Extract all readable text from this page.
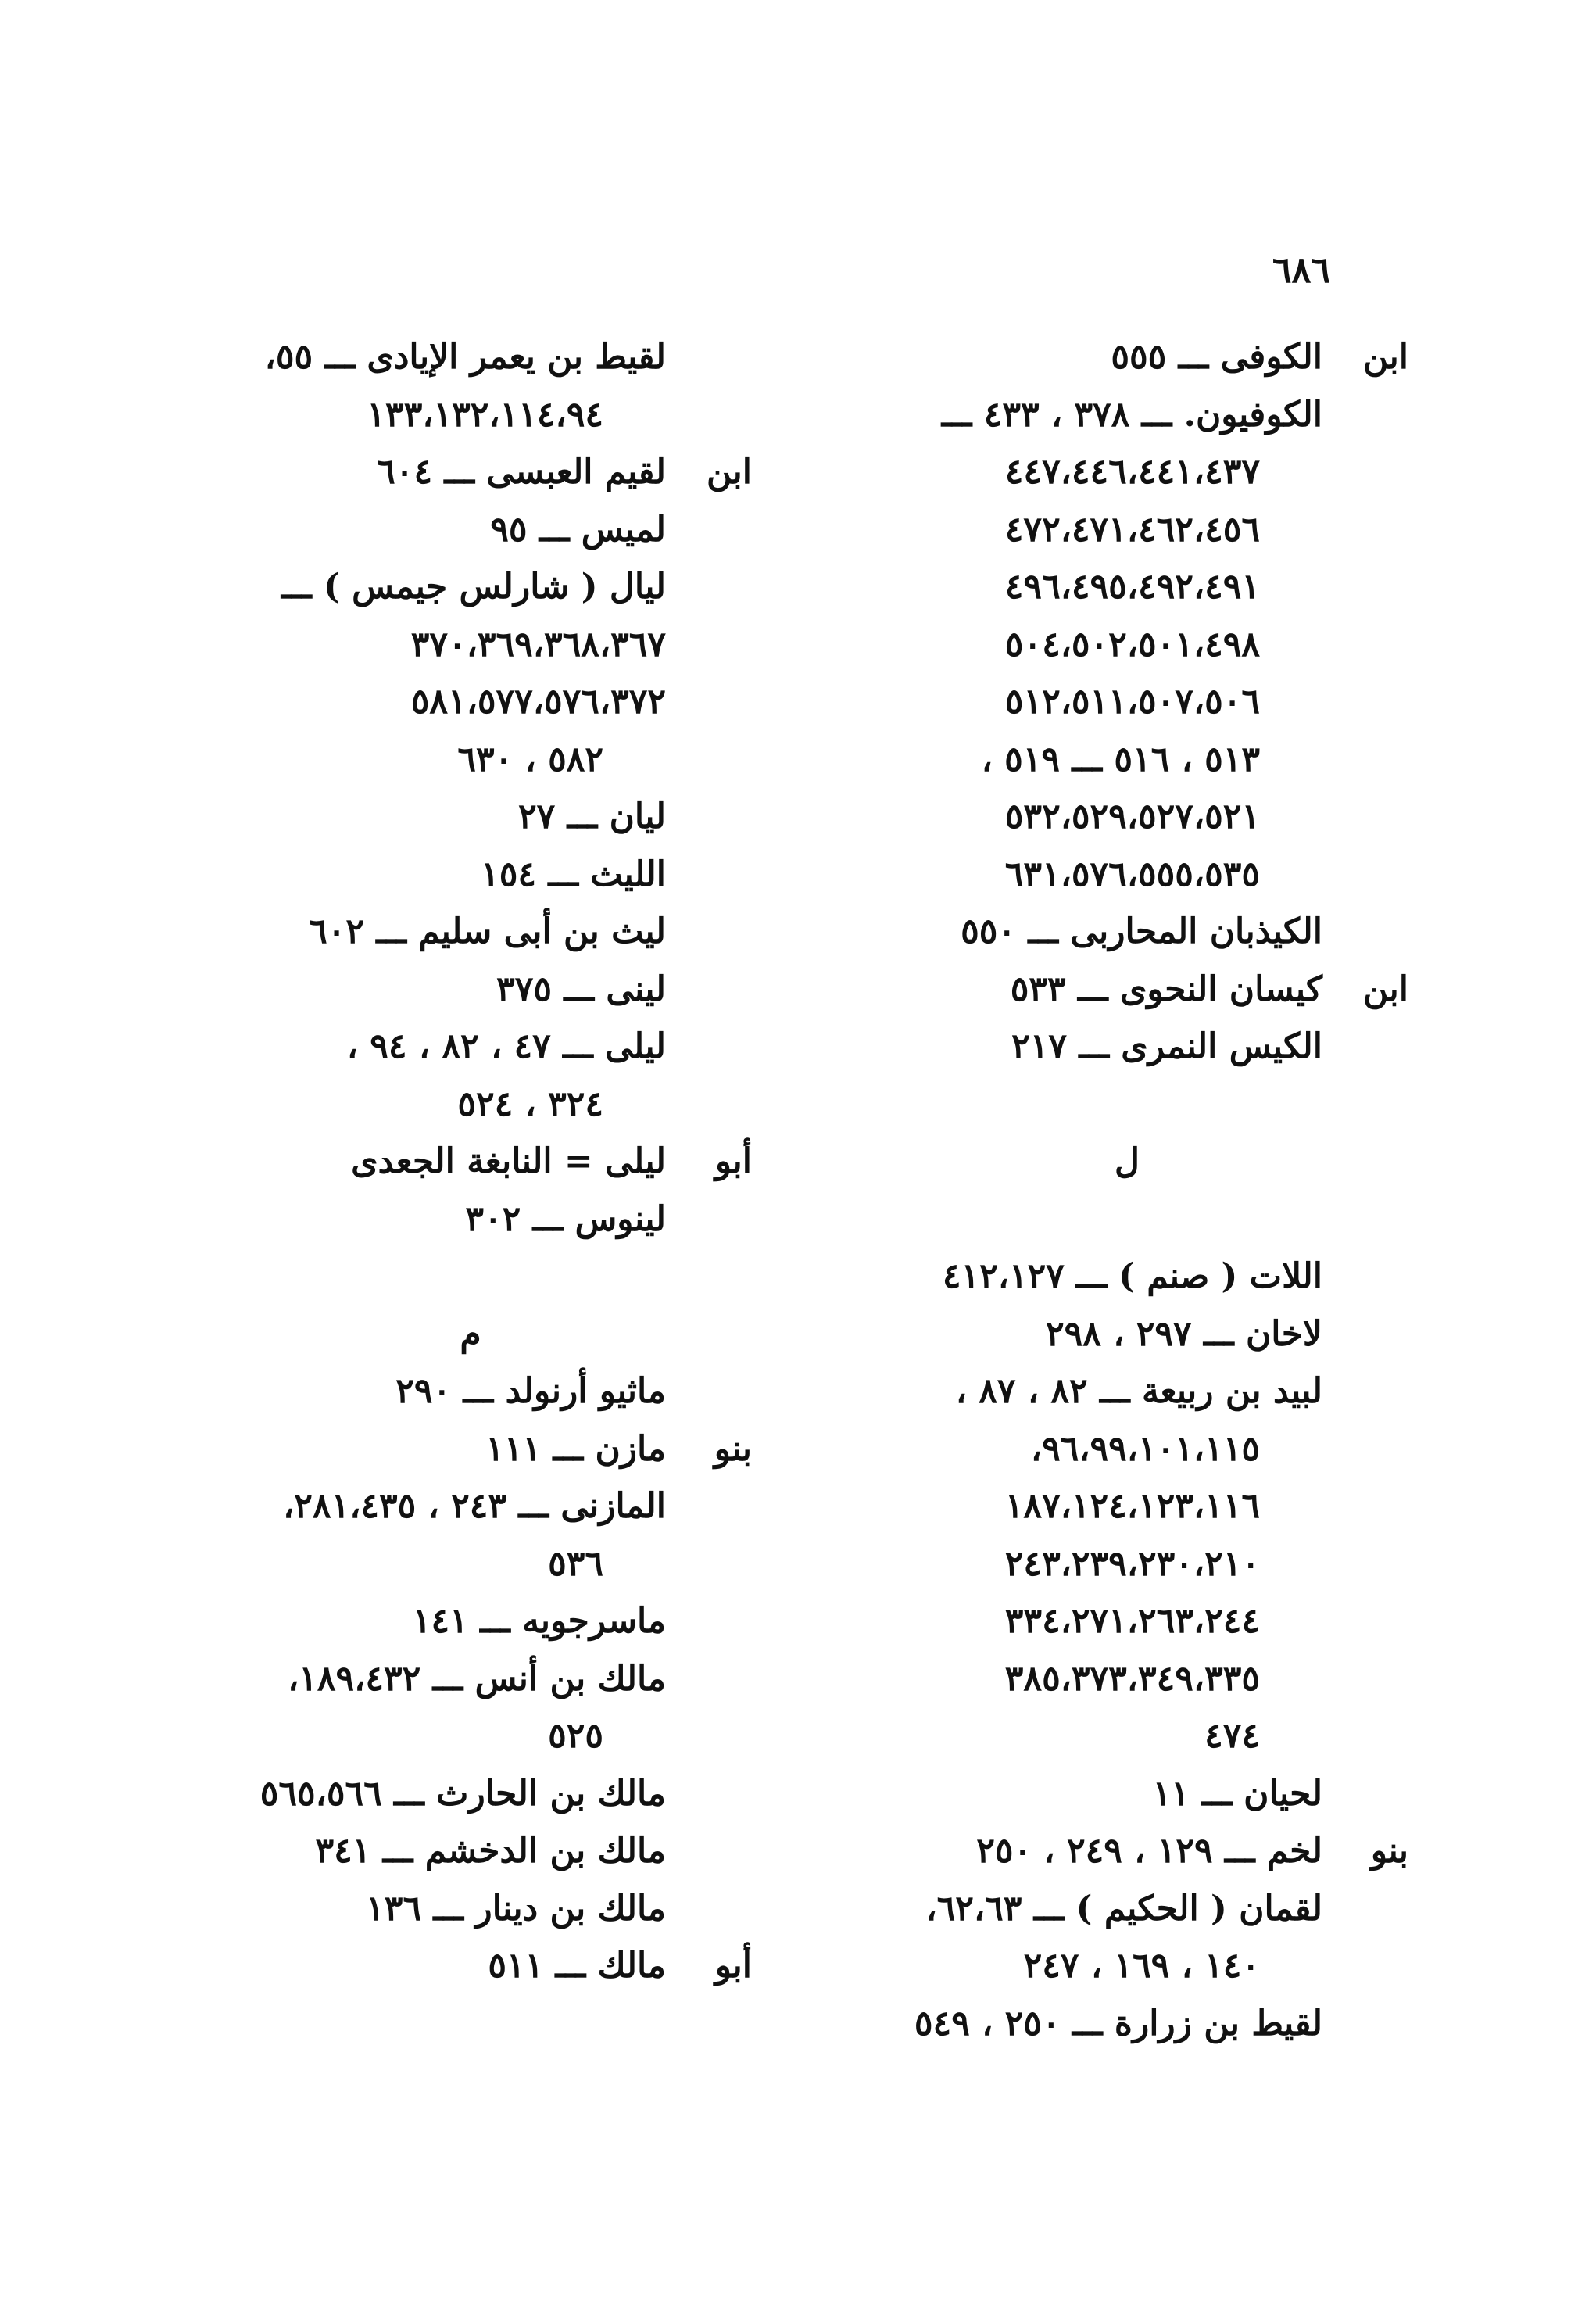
٦٨٦
ابن
الكوفى ـــ ٥٥٥
الكوفيون. ـــ ٣٧٨ ، ٤٣٣ ـــ
٤٤٧،٤٤٦،٤٤١،٤٣٧
٤٧٢،٤٧١،٤٦٢،٤٥٦
٤٩٦،٤٩٥،٤٩٢،٤٩١
٥٠٤،٥٠٢،٥٠١،٤٩٨
٥١٢،٥١١،٥٠٧،٥٠٦
٥١٣ ، ٥١٦ ـــ ٥١٩ ،
٥٣٢،٥٢٩،٥٢٧،٥٢١
٦٣١،٥٧٦،٥٥٥،٥٣٥
الكيذبان المحاربى ـــ ٥٥٠
ابن
كيسان النحوى ـــ ٥٣٣
الكيس النمرى ـــ ٢١٧
ل
اللات ( صنم ) ـــ ٤١٢،١٢٧
لاخان ـــ ٢٩٧ ، ٢٩٨
لبيد بن ربيعة ـــ ٨٢ ، ٨٧ ،
٩٦،٩٩،١٠١،١١٥،
١٨٧،١٢٤،١٢٣،١١٦
٢٤٣،٢٣٩،٢٣٠،٢١٠
٣٣٤،٢٧١،٢٦٣،٢٤٤
٣٨٥،٣٧٣،٣٤٩،٣٣٥
٤٧٤
لحيان ـــ ١١
بنو
لخم ـــ ١٢٩ ، ٢٤٩ ، ٢٥٠
لقمان ( الحكيم ) ـــ ٦٢،٦٣،
١٤٠ ، ١٦٩ ، ٢٤٧
لقيط بن زرارة ـــ ٢٥٠ ، ٥٤٩
لقيط بن يعمر الإيادى ـــ ٥٥،
١٣٣،١٣٢،١١٤،٩٤
ابن
لقيم العبسى ـــ ٦٠٤
لميس ـــ ٩٥
ليال ( شارلس جيمس ) ـــ
٣٧٠،٣٦٩،٣٦٨،٣٦٧
٥٨١،٥٧٧،٥٧٦،٣٧٢
٥٨٢ ، ٦٣٠
ليان ـــ ٢٧
الليث ـــ ١٥٤
ليث بن أبى سليم ـــ ٦٠٢
لينى ـــ ٣٧٥
ليلى ـــ ٤٧ ، ٨٢ ، ٩٤ ،
٣٢٤ ، ٥٢٤
أبو
ليلى = النابغة الجعدى
لينوس ـــ ٣٠٢
م
ماثيو أرنولد ـــ ٢٩٠
بنو
مازن ـــ ١١١
المازنى ـــ ٢٤٣ ، ٢٨١،٤٣٥،
٥٣٦
ماسرجويه ـــ ١٤١
مالك بن أنس ـــ ١٨٩،٤٣٢،
٥٢٥
مالك بن الحارث ـــ ٥٦٥،٥٦٦
مالك بن الدخشم ـــ ٣٤١
مالك بن دينار ـــ ١٣٦
أبو
مالك ـــ ٥١١
